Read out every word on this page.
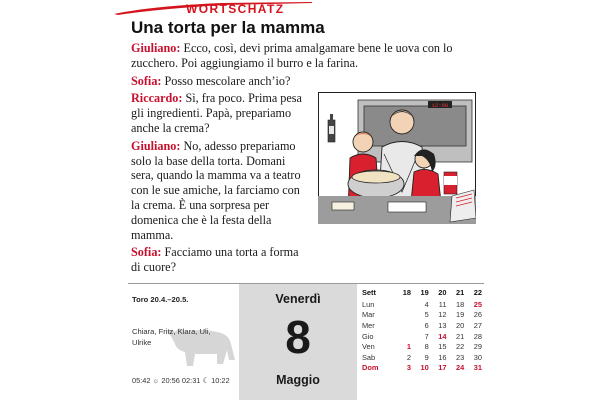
WORTSCHATZ
Una torta per la mamma

Giuliano: Ecco, così, devi prima amalgamare bene le uova con lo zucchero. Poi aggiungiamo il burro e la farina.

Sofia: Posso mescolare anch’io?

Riccardo: Sì, fra poco. Prima pesa gli ingredienti. Papà, prepariamo anche la crema?

Giuliano: No, adesso prepariamo solo la base della torta. Domani sera, quando la mamma va a teatro con le sue amiche, la farciamo con la crema. È una sorpresa per domenica che è la festa della mamma.

Sofia: Facciamo una torta a forma di cuore?

12:00
Toro 20.4.–20.5.
Chiara, Fritz, Klara, Uli, Ulrike
05:42 ☼ 20:56 02:31 ☾ 10:22
Venerdì
8
Maggio
Sett	18	19	20	21	22
Lun		4	11	18	25
Mar		5	12	19	26
Mer		6	13	20	27
Gio		7	14	21	28
Ven	1	8	15	22	29
Sab	2	9	16	23	30
Dom	3	10	17	24	31
